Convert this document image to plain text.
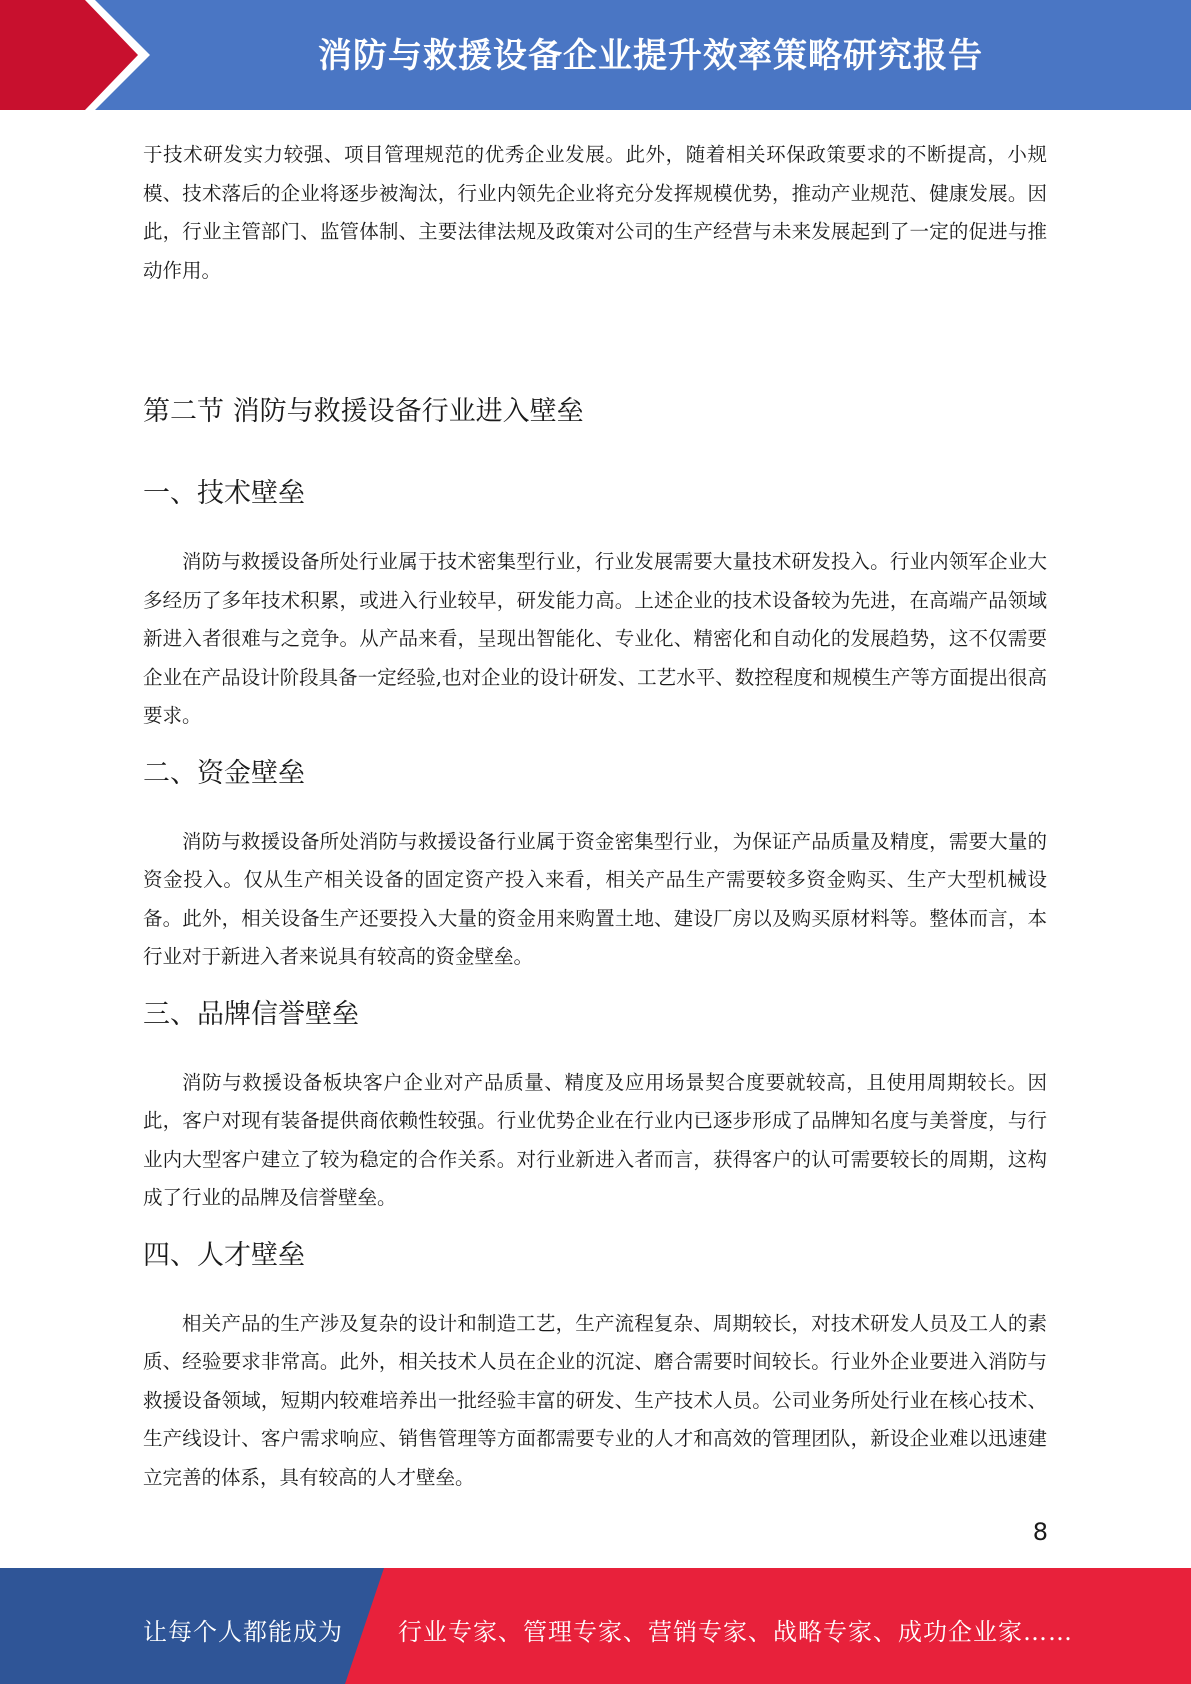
消防与救援设备企业提升效率策略研究报告

于技术研发实力较强、项目管理规范的优秀企业发展。此外，随着相关环保政策要求的不断提高，小规模、技术落后的企业将逐步被淘汰，行业内领先企业将充分发挥规模优势，推动产业规范、健康发展。因此，行业主管部门、监管体制、主要法律法规及政策对公司的生产经营与未来发展起到了一定的促进与推动作用。

第二节 消防与救援设备行业进入壁垒
一、技术壁垒

消防与救援设备所处行业属于技术密集型行业，行业发展需要大量技术研发投入。行业内领军企业大多经历了多年技术积累，或进入行业较早，研发能力高。上述企业的技术设备较为先进，在高端产品领域新进入者很难与之竞争。从产品来看，呈现出智能化、专业化、精密化和自动化的发展趋势，这不仅需要企业在产品设计阶段具备一定经验,也对企业的设计研发、工艺水平、数控程度和规模生产等方面提出很高要求。

二、资金壁垒

消防与救援设备所处消防与救援设备行业属于资金密集型行业，为保证产品质量及精度，需要大量的资金投入。仅从生产相关设备的固定资产投入来看，相关产品生产需要较多资金购买、生产大型机械设备。此外，相关设备生产还要投入大量的资金用来购置土地、建设厂房以及购买原材料等。整体而言，本行业对于新进入者来说具有较高的资金壁垒。

三、品牌信誉壁垒

消防与救援设备板块客户企业对产品质量、精度及应用场景契合度要就较高，且使用周期较长。因此，客户对现有装备提供商依赖性较强。行业优势企业在行业内已逐步形成了品牌知名度与美誉度，与行业内大型客户建立了较为稳定的合作关系。对行业新进入者而言，获得客户的认可需要较长的周期，这构成了行业的品牌及信誉壁垒。

四、人才壁垒

相关产品的生产涉及复杂的设计和制造工艺，生产流程复杂、周期较长，对技术研发人员及工人的素质、经验要求非常高。此外，相关技术人员在企业的沉淀、磨合需要时间较长。行业外企业要进入消防与救援设备领域，短期内较难培养出一批经验丰富的研发、生产技术人员。公司业务所处行业在核心技术、生产线设计、客户需求响应、销售管理等方面都需要专业的人才和高效的管理团队，新设企业难以迅速建立完善的体系，具有较高的人才壁垒。

8
让每个人都能成为 行业专家、管理专家、营销专家、战略专家、成功企业家……
